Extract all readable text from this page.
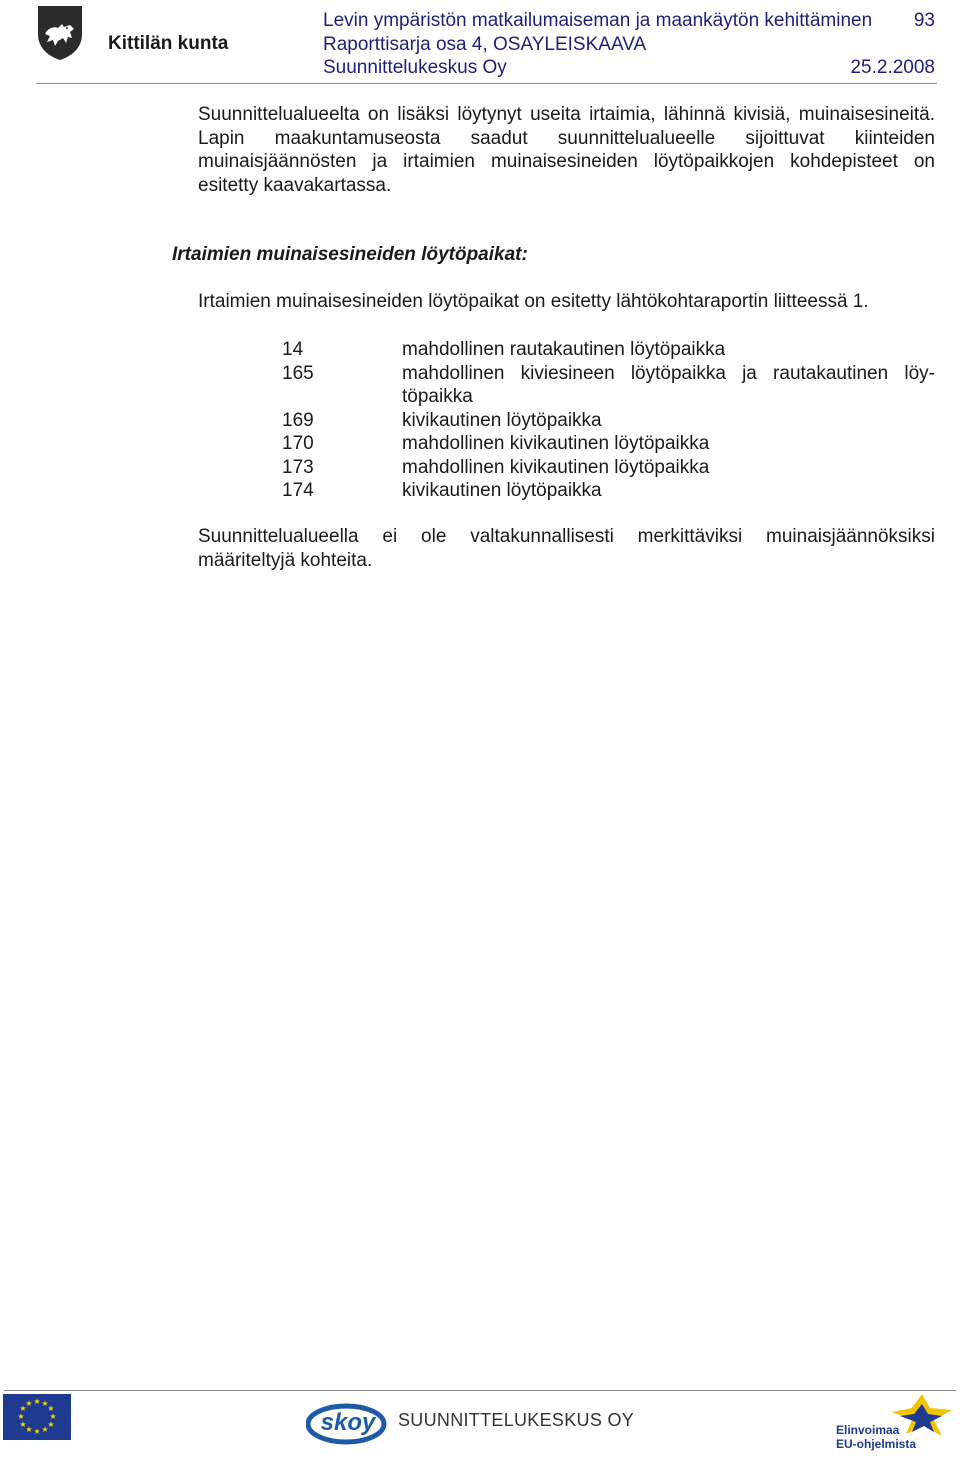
Kittilän kunta
Levin ympäristön matkailumaiseman ja maankäytön kehittäminen
Raporttisarja osa 4, OSAYLEISKAAVA
Suunnittelukeskus Oy
93
25.2.2008
Suunnittelualueelta on lisäksi löytynyt useita irtaimia, lähinnä kivisiä, muinaisesineitä. Lapin maakuntamuseosta saadut suunnittelualueelle sijoittuvat kiinteiden muinaisjäännösten ja irtaimien muinaisesineiden löytöpaikkojen kohdepisteet on esitetty kaavakartassa.
Irtaimien muinaisesineiden löytöpaikat:
Irtaimien muinaisesineiden löytöpaikat on esitetty lähtökohtaraportin liitteessä 1.
14	mahdollinen rautakautinen löytöpaikka
165	mahdollinen kiviesineen löytöpaikka ja rautakautinen löy- töpaikka
169	kivikautinen löytöpaikka
170	mahdollinen kivikautinen löytöpaikka
173	mahdollinen kivikautinen löytöpaikka
174	kivikautinen löytöpaikka
Suunnittelualueella ei ole valtakunnallisesti merkittäviksi muinaisjäännöksiksi määriteltyjä kohteita.
★ ★
★
★
★
★
★
★
★
★
★
★
skoy SUUNNITTELUKESKUS OY	Elinvoimaa
EU-ohjelmista
